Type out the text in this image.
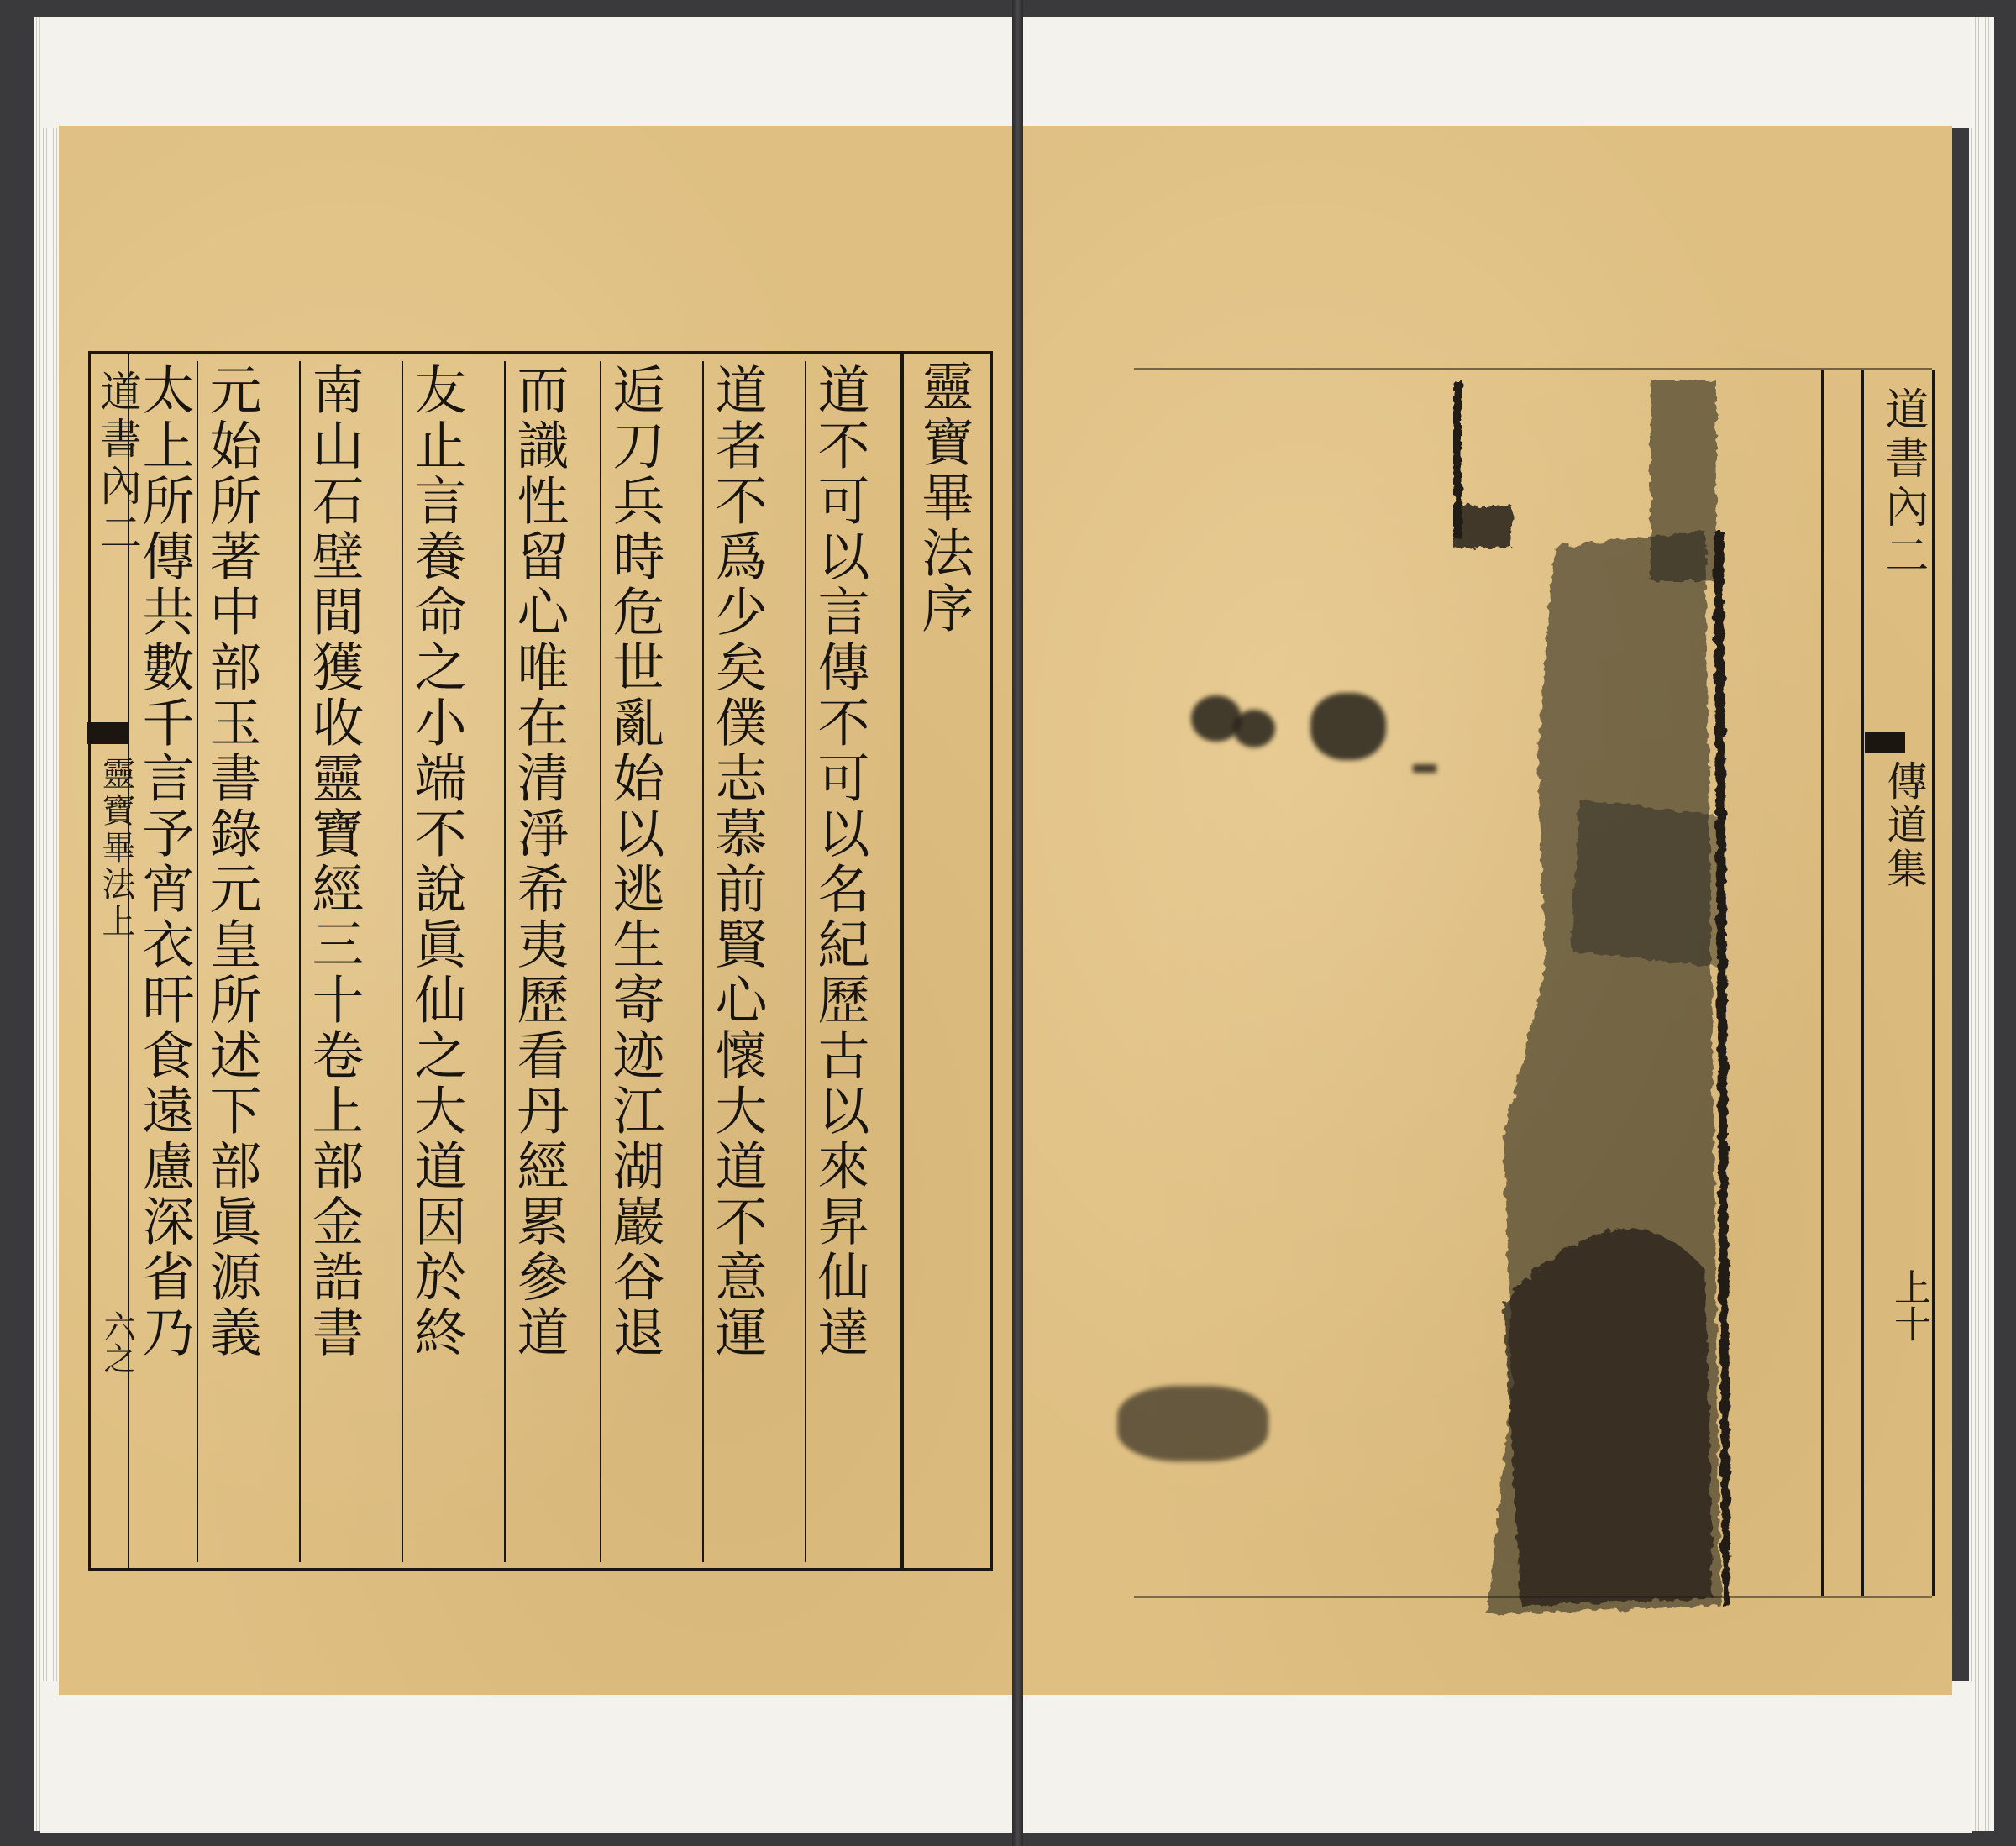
道書內二
靈寶畢法上
六之
靈寶畢法序
道不可以言傳不可以名紀歷古以來昇仙達
道者不爲少矣僕志慕前賢心懷大道不意運
逅刀兵時危世亂始以逃生寄迹江湖巖谷退
而識性留心唯在清淨希夷歷看丹經累參道
友止言養命之小端不說眞仙之大道因於終
南山石壁間獲收靈寶經三十卷上部金誥書
元始所著中部玉書錄元皇所述下部眞源義
太上所傳共數千言予宵衣旰食遠慮深省乃	道書內二
傳道集
上十
